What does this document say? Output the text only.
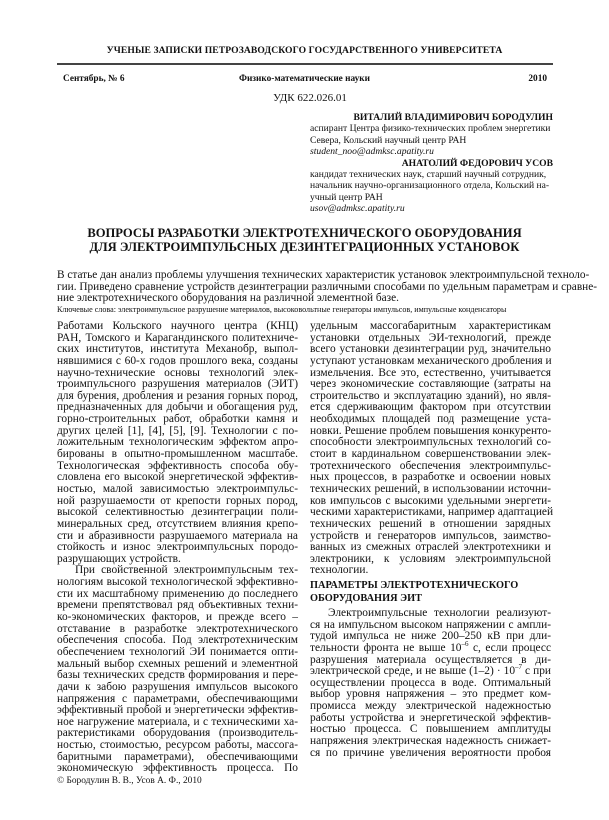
УЧЕНЫЕ ЗАПИСКИ ПЕТРОЗАВОДСКОГО ГОСУДАРСТВЕННОГО УНИВЕРСИТЕТА
Сентябрь, № 6	Физико-математические науки	2010
УДК 622.026.01
ВИТАЛИЙ ВЛАДИМИРОВИЧ БОРОДУЛИН
аспирант Центра физико-технических проблем энергетики
Севера, Кольский научный центр РАН
student_noo@admksc.apatity.ru
АНАТОЛИЙ ФЕДОРОВИЧ УСОВ
кандидат технических наук, старший научный сотрудник,
начальник научно-организационного отдела, Кольский на-
учный центр РАН
usov@admksc.apatity.ru
ВОПРОСЫ РАЗРАБОТКИ ЭЛЕКТРОТЕХНИЧЕСКОГО ОБОРУДОВАНИЯ
ДЛЯ ЭЛЕКТРОИМПУЛЬСНЫХ ДЕЗИНТЕГРАЦИОННЫХ УСТАНОВОК
В статье дан анализ проблемы улучшения технических характеристик установок электроимпульсной техноло-
гии. Приведено сравнение устройств дезинтеграции различными способами по удельным параметрам и сравне-
ние электротехнического оборудования на различной элементной базе.
Ключевые слова: электроимпульсное разрушение материалов, высоковольтные генераторы импульсов, импульсные конденсаторы
Работами Кольского научного центра (КНЦ)
РАН, Томского и Карагандинского политехниче-
ских институтов, института Механобр, выпол-
нявшимися с 60-х годов прошлого века, созданы
научно-технические основы технологий элек-
троимпульсного разрушения материалов (ЭИТ)
для бурения, дробления и резания горных пород,
предназначенных для добычи и обогащения руд,
горно-строительных работ, обработки камня и
других целей [1], [4], [5], [9]. Технологии с по-
ложительным технологическим эффектом апро-
бированы в опытно-промышленном масштабе.
Технологическая эффективность способа обу-
словлена его высокой энергетической эффектив-
ностью, малой зависимостью электроимпульс-
ной разрушаемости от крепости горных пород,
высокой селективностью дезинтеграции поли-
минеральных сред, отсутствием влияния крепо-
сти и абразивности разрушаемого материала на
стойкость и износ электроимпульсных породо-
разрушающих устройств.
При свойственной электроимпульсным тех-
нологиям высокой технологической эффективно-
сти их масштабному применению до последнего
времени препятствовал ряд объективных техни-
ко-экономических факторов, и прежде всего –
отставание в разработке электротехнического
обеспечения способа. Под электротехническим
обеспечением технологий ЭИ понимается опти-
мальный выбор схемных решений и элементной
базы технических средств формирования и пере-
дачи к забою разрушения импульсов высокого
напряжения с параметрами, обеспечивающими
эффективный пробой и энергетически эффектив-
ное нагружение материала, и с техническими ха-
рактеристиками оборудования (производитель-
ностью, стоимостью, ресурсом работы, массога-
баритными параметрами), обеспечивающими
экономическую эффективность процесса. По
удельным массогабаритным характеристикам
установки отдельных ЭИ-технологий, прежде
всего установки дезинтеграции руд, значительно
уступают установкам механического дробления и
измельчения. Все это, естественно, учитывается
через экономические составляющие (затраты на
строительство и эксплуатацию зданий), но явля-
ется сдерживающим фактором при отсутствии
необходимых площадей под размещение уста-
новки. Решение проблем повышения конкуренто-
способности электроимпульсных технологий со-
стоит в кардинальном совершенствовании элек-
тротехнического обеспечения электроимпульс-
ных процессов, в разработке и освоении новых
технических решений, в использовании источни-
ков импульсов с высокими удельными энергети-
ческими характеристиками, например адаптацией
технических решений в отношении зарядных
устройств и генераторов импульсов, заимство-
ванных из смежных отраслей электротехники и
электроники, к условиям электроимпульсной
технологии.
ПАРАМЕТРЫ ЭЛЕКТРОТЕХНИЧЕСКОГО
ОБОРУДОВАНИЯ ЭИТ
Электроимпульсные технологии реализуют-
ся на импульсном высоком напряжении с ампли-
тудой импульса не ниже 200–250 кВ при дли-
тельности фронта не выше $10^{-6}$ с, если процесс
разрушения материала осуществляется в ди-
электрической среде, и не выше $(1-2) \cdot 10^{-7}$ с при
осуществлении процесса в воде. Оптимальный
выбор уровня напряжения – это предмет ком-
промисса между электрической надежностью
работы устройства и энергетической эффектив-
ностью процесса. С повышением амплитуды
напряжения электрическая надежность снижает-
ся по причине увеличения вероятности пробоя
© Бородулин В. В., Усов А. Ф., 2010
